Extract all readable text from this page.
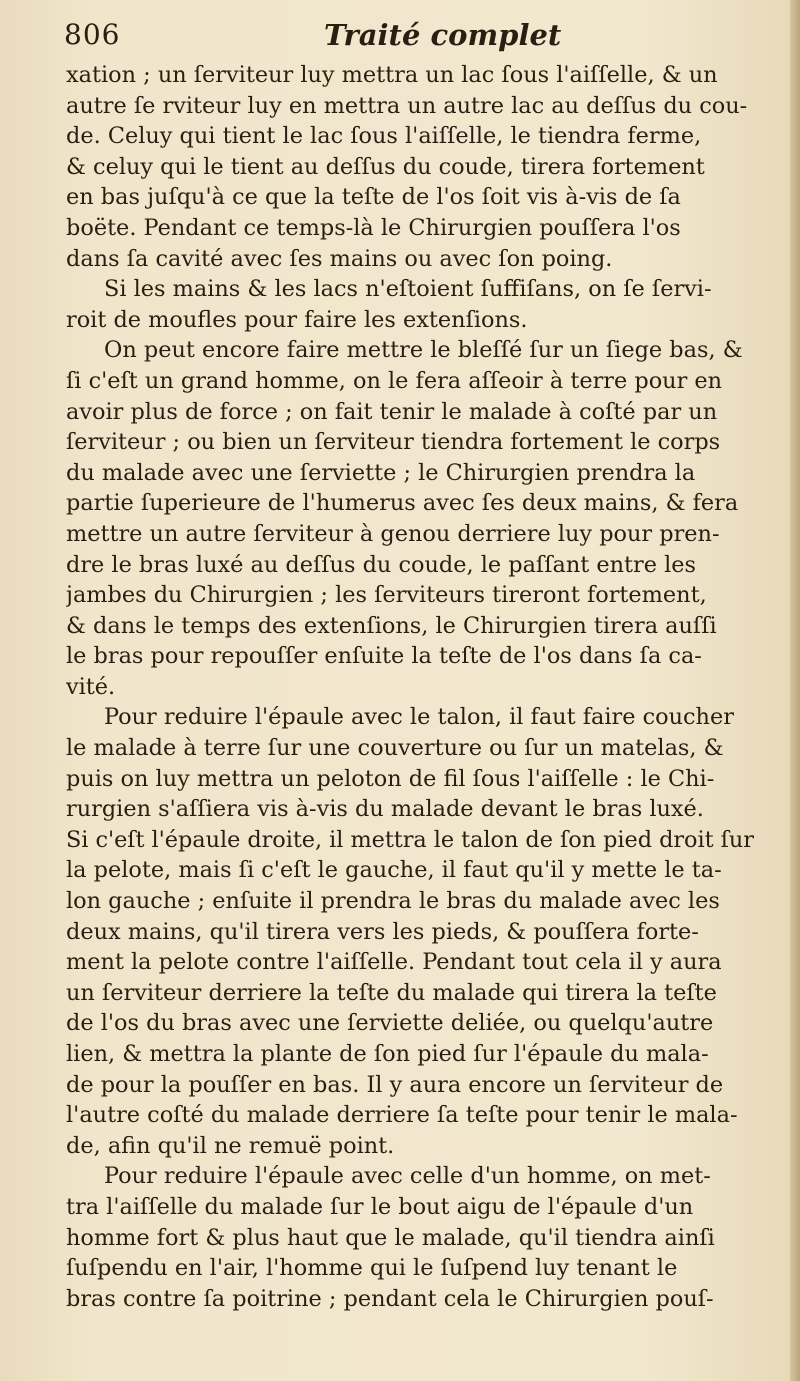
806	Traité complet
xation ; un ſerviteur luy mettra un lac ſous l'aiſſelle, & un
autre ſe rviteur luy en mettra un autre lac au deſſus du cou-
de. Celuy qui tient le lac ſous l'aiſſelle, le tiendra ferme,
& celuy qui le tient au deſſus du coude, tirera fortement
en bas juſqu'à ce que la teſte de l'os ſoit vis à-vis de ſa
boëte. Pendant ce temps-là le Chirurgien pouſſera l'os
dans ſa cavité avec ſes mains ou avec ſon poing.
Si les mains & les lacs n'eſtoient ſuffiſans, on ſe ſervi-
roit de moufles pour faire les extenſions.
On peut encore faire mettre le bleſſé ſur un ſiege bas, &
ſi c'eſt un grand homme, on le fera aſſeoir à terre pour en
avoir plus de force ; on fait tenir le malade à coſté par un
ſerviteur ; ou bien un ſerviteur tiendra fortement le corps
du malade avec une ſerviette ; le Chirurgien prendra la
partie ſuperieure de l'humerus avec ſes deux mains, & fera
mettre un autre ſerviteur à genou derriere luy pour pren-
dre le bras luxé au deſſus du coude, le paſſant entre les
jambes du Chirurgien ; les ſerviteurs tireront fortement,
& dans le temps des extenſions, le Chirurgien tirera auſſi
le bras pour repouſſer enſuite la teſte de l'os dans ſa ca-
vité.
Pour reduire l'épaule avec le talon, il faut faire coucher
le malade à terre ſur une couverture ou ſur un matelas, &
puis on luy mettra un peloton de fil ſous l'aiſſelle : le Chi-
rurgien s'aſſiera vis à-vis du malade devant le bras luxé.
Si c'eſt l'épaule droite, il mettra le talon de ſon pied droit ſur
la pelote, mais ſi c'eſt le gauche, il faut qu'il y mette le ta-
lon gauche ; enſuite il prendra le bras du malade avec les
deux mains, qu'il tirera vers les pieds, & pouſſera forte-
ment la pelote contre l'aiſſelle. Pendant tout cela il y aura
un ſerviteur derriere la teſte du malade qui tirera la teſte
de l'os du bras avec une ſerviette deliée, ou quelqu'autre
lien, & mettra la plante de ſon pied ſur l'épaule du mala-
de pour la pouſſer en bas. Il y aura encore un ſerviteur de
l'autre coſté du malade derriere ſa teſte pour tenir le mala-
de, afin qu'il ne remuë point.
Pour reduire l'épaule avec celle d'un homme, on met-
tra l'aiſſelle du malade ſur le bout aigu de l'épaule d'un
homme fort & plus haut que le malade, qu'il tiendra ainſi
ſuſpendu en l'air, l'homme qui le ſuſpend luy tenant le
bras contre ſa poitrine ; pendant cela le Chirurgien pouſ-
